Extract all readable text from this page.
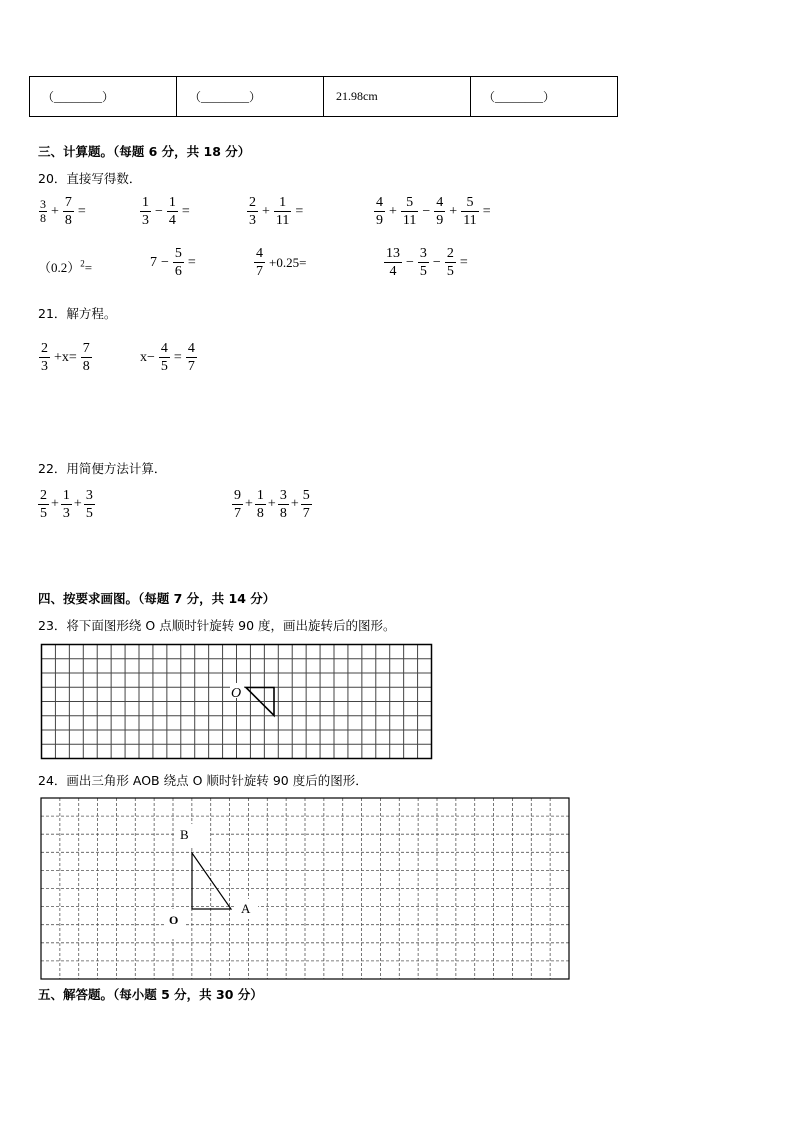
（________）	（________）	21.98cm	（________）
三、计算题。（每题 6 分，共 18 分）
20．直接写得数．
$\frac{3}{8} + \frac{7}{8}$ =	$\frac{1}{3} - \frac{1}{4}$ =	$\frac{2}{3} + \frac{1}{11}$ =	$\frac{4}{9} + \frac{5}{11} - \frac{4}{9} + \frac{5}{11}$ =
$(0.2)^2=$	$7 - \frac{5}{6}$ =	$\frac{4}{7} +0.25=$	$\frac{13}{4} - \frac{3}{5} - \frac{2}{5}$ =
21．解方程。
$\frac{2}{3} +x= \frac{7}{8}$	$x- \frac{4}{5} = \frac{4}{7}$
22．用简便方法计算．
$\frac{2}{5} + \frac{1}{3} + \frac{3}{5}$	$\frac{9}{7} + \frac{1}{8} + \frac{3}{8} + \frac{5}{7}$
四、按要求画图。（每题 7 分，共 14 分）
23．将下面图形绕 O 点顺时针旋转 90 度，画出旋转后的图形。
O
24．画出三角形 AOB 绕点 O 顺时针旋转 90 度后的图形．
B
A
O
五、解答题。（每小题 5 分，共 30 分）
